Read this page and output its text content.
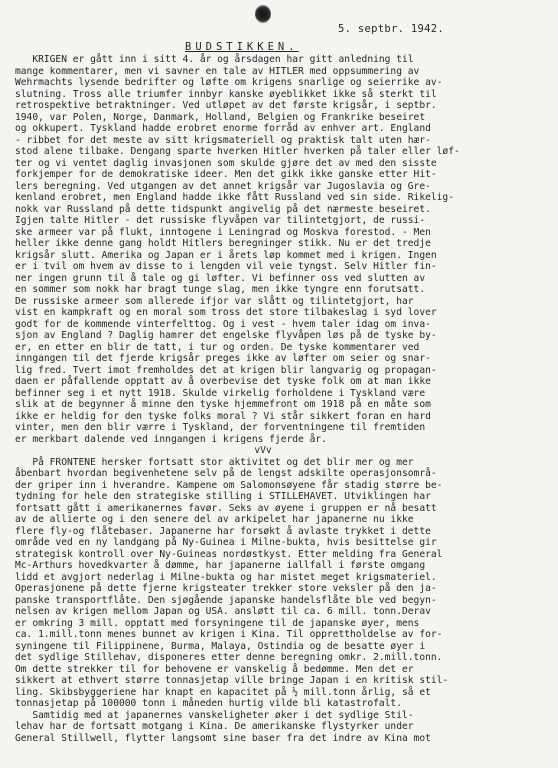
5. septbr. 1942.
BUDSTIKKEN.
KRIGEN er gått inn i sitt 4. år og årsdagen har gitt anledning til
mange kommentarer, men vi savner en tale av HITLER med oppsummering av
Wehrmachts lysende bedrifter og løfte om krigens snarlige og seierrike av-
slutning. Tross alle triumfer innbyr kanske øyeblikket ikke så sterkt til
retrospektive betraktninger. Ved utløpet av det første krigsår, i septbr.
1940, var Polen, Norge, Danmark, Holland, Belgien og Frankrike beseiret
og okkupert. Tyskland hadde erobret enorme forråd av enhver art. England
- ribbet for det meste av sitt krigsmateriell og praktisk talt uten hær-
stod alene tilbake. Dengang sparte hverken Hitler hverken på taler eller løf-
ter og vi ventet daglig invasjonen som skulde gjøre det av med den sisste
forkjemper for de demokratiske ideer. Men det gikk ikke ganske etter Hit-
lers beregning. Ved utgangen av det annet krigsår var Jugoslavia og Gre-
kenland erobret, men England hadde ikke fått Russland ved sin side. Rikelig-
nokk var Russland på dette tidspunkt angivelig på det nærmeste beseiret.
Igjen talte Hitler - det russiske flyvåpen var tilintetgjort, de russi-
ske armeer var på flukt, inntogene i Leningrad og Moskva forestod. - Men
heller ikke denne gang holdt Hitlers beregninger stikk. Nu er det tredje
krigsår slutt. Amerika og Japan er i årets løp kommet med i krigen. Ingen
er i tvil om hvem av disse to i lengden vil veie tyngst. Selv Hitler fin-
ner ingen grunn til å tale og gi løfter. Vi befinner oss ved slutten av
en sommer som nokk har bragt tunge slag, men ikke tyngre enn forutsatt.
De russiske armeer som allerede ifjor var slått og tilintetgjort, har
vist en kampkraft og en moral som tross det store tilbakeslag i syd lover
godt for de kommende vinterfelttog. Og i vest - hvem taler idag om inva-
sjon av England ? Daglig hamrer det engelske flyvåpen løs på de tyske by-
er, en etter en blir de tatt, i tur og orden. De tyske kommentarer ved
inngangen til det fjerde krigsår preges ikke av løfter om seier og snar-
lig fred. Tvert imot fremholdes det at krigen blir langvarig og propagan-
daen er påfallende opptatt av å overbevise det tyske folk om at man ikke
befinner seg i et nytt 1918. Skulde virkelig forholdene i Tyskland være
slik at de begynner å minne den tyske hjemmefront om 1918 på en måte som
ikke er heldig for den tyske folks moral ? Vi står sikkert foran en hard
vinter, men den blir værre i Tyskland, der forventningene til fremtiden
er merkbart dalende ved inngangen i krigens fjerde år.
vVv
På FRONTENE hersker fortsatt stor aktivitet og det blir mer og mer
åbenbart hvordan begivenhetene selv på de lengst adskilte operasjonsområ-
der griper inn i hverandre. Kampene om Salomonsøyene får stadig større be-
tydning for hele den strategiske stilling i STILLEHAVET. Utviklingen har
fortsatt gått i amerikanernes favør. Seks av øyene i gruppen er nå besatt
av de allierte og i den senere del av arkipelet har japanerne nu ikke
flere fly-og flåtebaser. Japanerne har forsøkt å avlaste trykket i dette
område ved en ny landgang på Ny-Guinea i Milne-bukta, hvis besittelse gir
strategisk kontroll over Ny-Guineas nordøstkyst. Etter melding fra General
Mc-Arthurs hovedkvarter å dømme, har japanerne iallfall i første omgang
lidd et avgjort nederlag i Milne-bukta og har mistet meget krigsmateriel.
Operasjonene på dette fjerne krigsteater trekker store veksler på den ja-
panske transportflåte. Den sjøgående japanske handelsflåte ble ved begyn-
nelsen av krigen mellom Japan og USA. ansløtt til ca. 6 mill. tonn.Derav
er omkring 3 mill. opptatt med forsyningene til de japanske øyer, mens
ca. 1.mill.tonn menes bunnet av krigen i Kina. Til opprettholdelse av for-
syningene til Filippinene, Burma, Malaya, Ostindia og de besatte øyer i
det sydlige Stillehav, disponeres etter denne beregning omkr. 2.mill.tonn.
Om dette strekker til for behovene er vanskelig å bedømme. Men det er
sikkert at ethvert større tonnasjetap ville bringe Japan i en kritisk stil-
ling. Skibsbyggeriene har knapt en kapacitet på ½ mill.tonn årlig, så et
tonnasjetap på 100000 tonn i måneden hurtig vilde bli katastrofalt.
Samtidig med at japanernes vanskeligheter øker i det sydlige Stil-
lehav har de fortsatt motgang i Kina. De amerikanske flystyrker under
General Stillwell, flytter langsomt sine baser fra det indre av Kina mot
